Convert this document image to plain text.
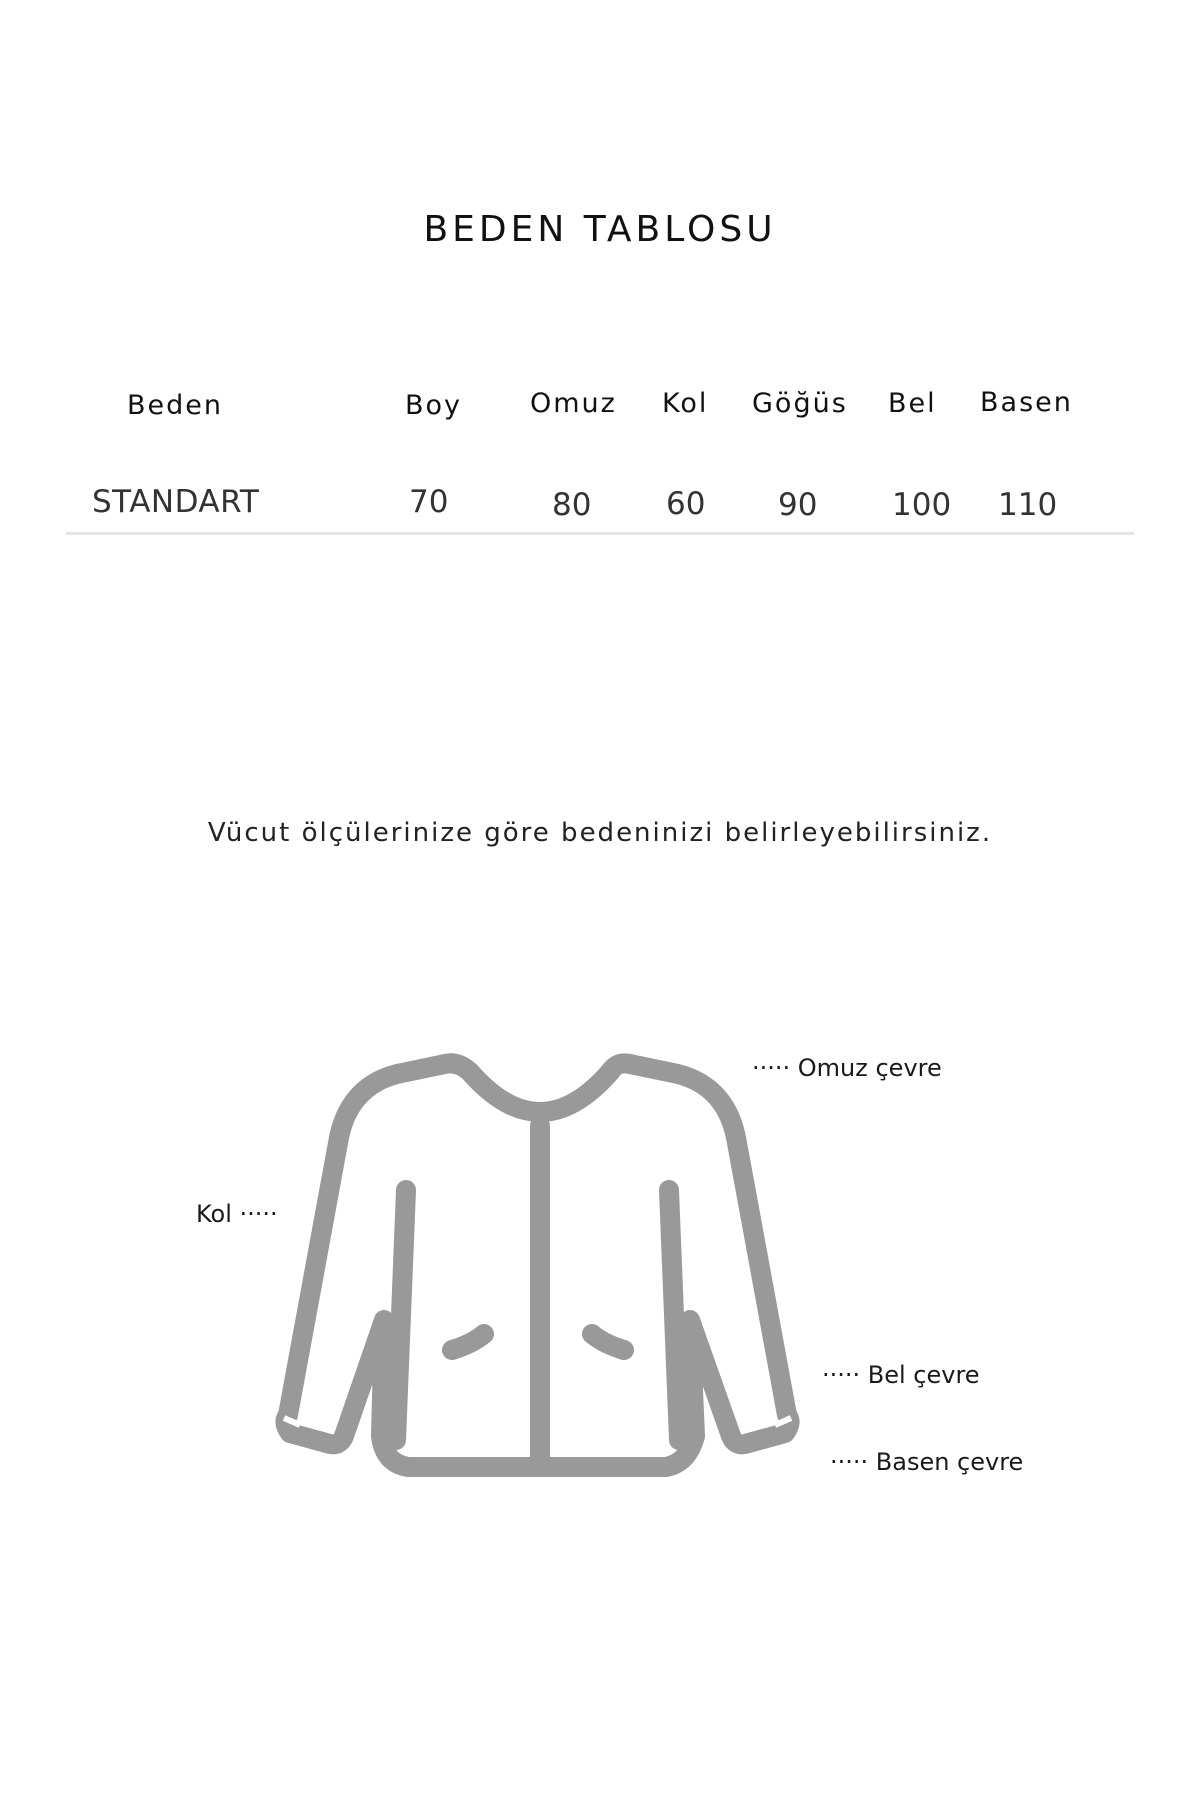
BEDEN TABLOSU
Beden	Boy	Omuz Kol Göğüs Bel Basen
STANDART	70	80 60 90 100 110
Vücut ölçülerinize göre bedeninizi belirleyebilirsiniz.
····· Omuz çevre
Kol ·····
····· Bel çevre
····· Basen çevre
